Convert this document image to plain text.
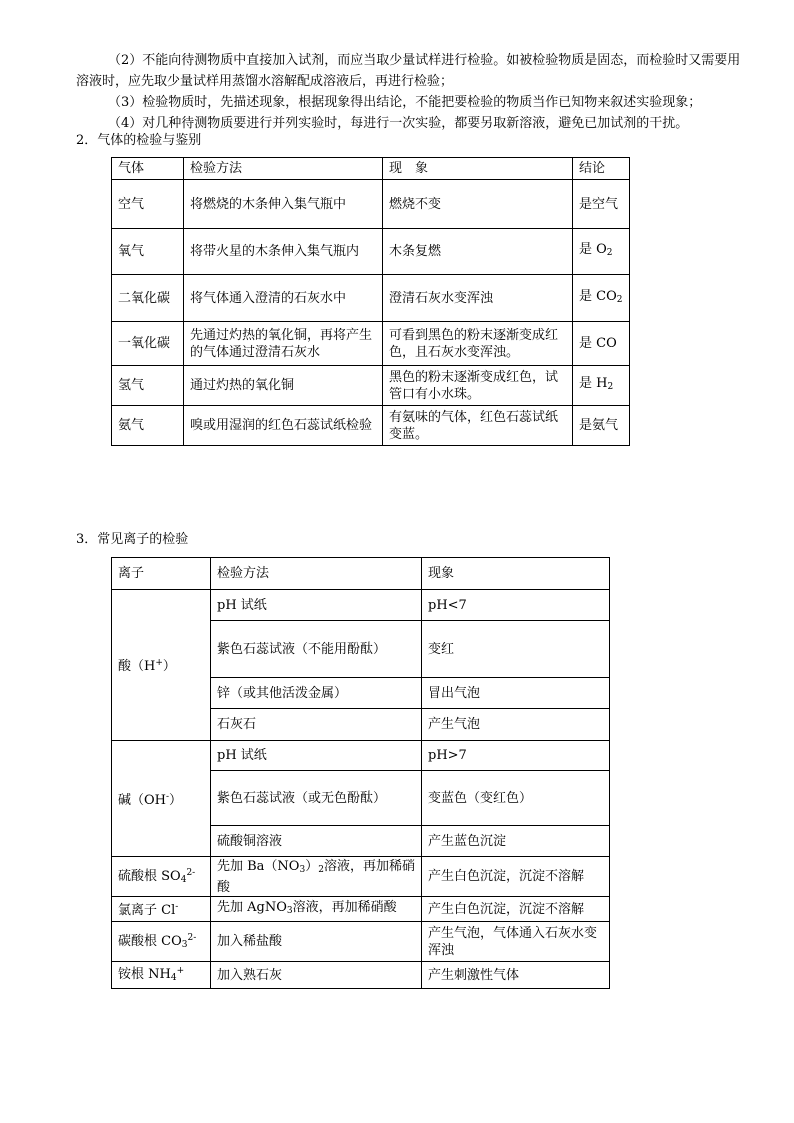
（2）不能向待测物质中直接加入试剂，而应当取少量试样进行检验。如被检验物质是固态，而检验时又需要用溶液时，应先取少量试样用蒸馏水溶解配成溶液后，再进行检验；

（3）检验物质时，先描述现象，根据现象得出结论，不能把要检验的物质当作已知物来叙述实验现象；

（4）对几种待测物质要进行并列实验时，每进行一次实验，都要另取新溶液，避免已加试剂的干扰。

2．气体的检验与鉴别

气体	检验方法	现　象	结论
空气	将燃烧的木条伸入集气瓶中	燃烧不变	是空气
氧气	将带火星的木条伸入集气瓶内	木条复燃	是 $O_2$
二氧化碳	将气体通入澄清的石灰水中	澄清石灰水变浑浊	是 $CO_2$
一氧化碳	先通过灼热的氧化铜，再将产生的气体通过澄清石灰水	可看到黑色的粉末逐渐变成红色，且石灰水变浑浊。	是 CO
氢气	通过灼热的氧化铜	黑色的粉末逐渐变成红色，试管口有小水珠。	是 $H_2$
氨气	嗅或用湿润的红色石蕊试纸检验	有氨味的气体，红色石蕊试纸变蓝。	是氨气

3．常见离子的检验

离子	检验方法	现象
酸（H+）	pH 试纸	pH<7
	紫色石蕊试液（不能用酚酞）	变红
	锌（或其他活泼金属）	冒出气泡
	石灰石	产生气泡
碱（OH-）	pH 试纸	pH>7
	紫色石蕊试液（或无色酚酞）	变蓝色（变红色）
	硫酸铜溶液	产生蓝色沉淀
硫酸根 $SO_4^{2-}$	先加 $Ba(NO_3)_2$溶液，再加稀硝酸	产生白色沉淀，沉淀不溶解
氯离子 Cl-	先加 AgNO$_3$溶液，再加稀硝酸	产生白色沉淀，沉淀不溶解
碳酸根 $CO_3^{2-}$	加入稀盐酸	产生气泡，气体通入石灰水变浑浊
铵根 $NH_4^+$	加入熟石灰	产生刺激性气体
